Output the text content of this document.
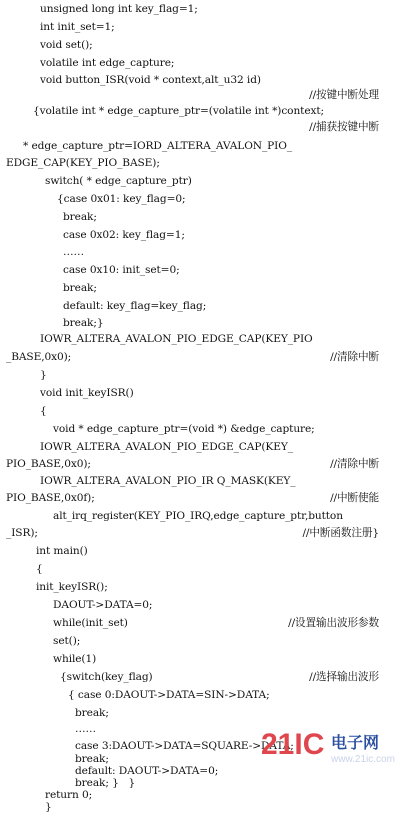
unsigned long int key_flag=1;
int init_set=1;
void set();
volatile int edge_capture;
void button_ISR(void * context,alt_u32 id)
//按键中断处理
{volatile int * edge_capture_ptr=(volatile int *)context;
//捕获按键中断
* edge_capture_ptr=IORD_ALTERA_AVALON_PIO_
EDGE_CAP(KEY_PIO_BASE);
switch( * edge_capture_ptr)
{case 0x01: key_flag=0;
break;
case 0x02: key_flag=1;
……
case 0x10: init_set=0;
break;
default: key_flag=key_flag;
break;}
IOWR_ALTERA_AVALON_PIO_EDGE_CAP(KEY_PIO
_BASE,0x0);	//清除中断
}
void init_keyISR()
{
void * edge_capture_ptr=(void *) &edge_capture;
IOWR_ALTERA_AVALON_PIO_EDGE_CAP(KEY_
PIO_BASE,0x0);	//清除中断
IOWR_ALTERA_AVALON_PIO_IR Q_MASK(KEY_
PIO_BASE,0x0f);	//中断使能
alt_irq_register(KEY_PIO_IRQ,edge_capture_ptr,button
_ISR);	//中断函数注册}
int main()
{
init_keyISR();
DAOUT->DATA=0;
while(init_set)	//设置输出波形参数
set();
while(1)
{switch(key_flag)	//选择输出波形
{ case 0:DAOUT->DATA=SIN->DATA;
break;
……
case 3:DAOUT->DATA=SQUARE->DATA;
break;
default: DAOUT->DATA=0;
break; }   }
return 0;
}
21IC 电子网
www.21ic.com
